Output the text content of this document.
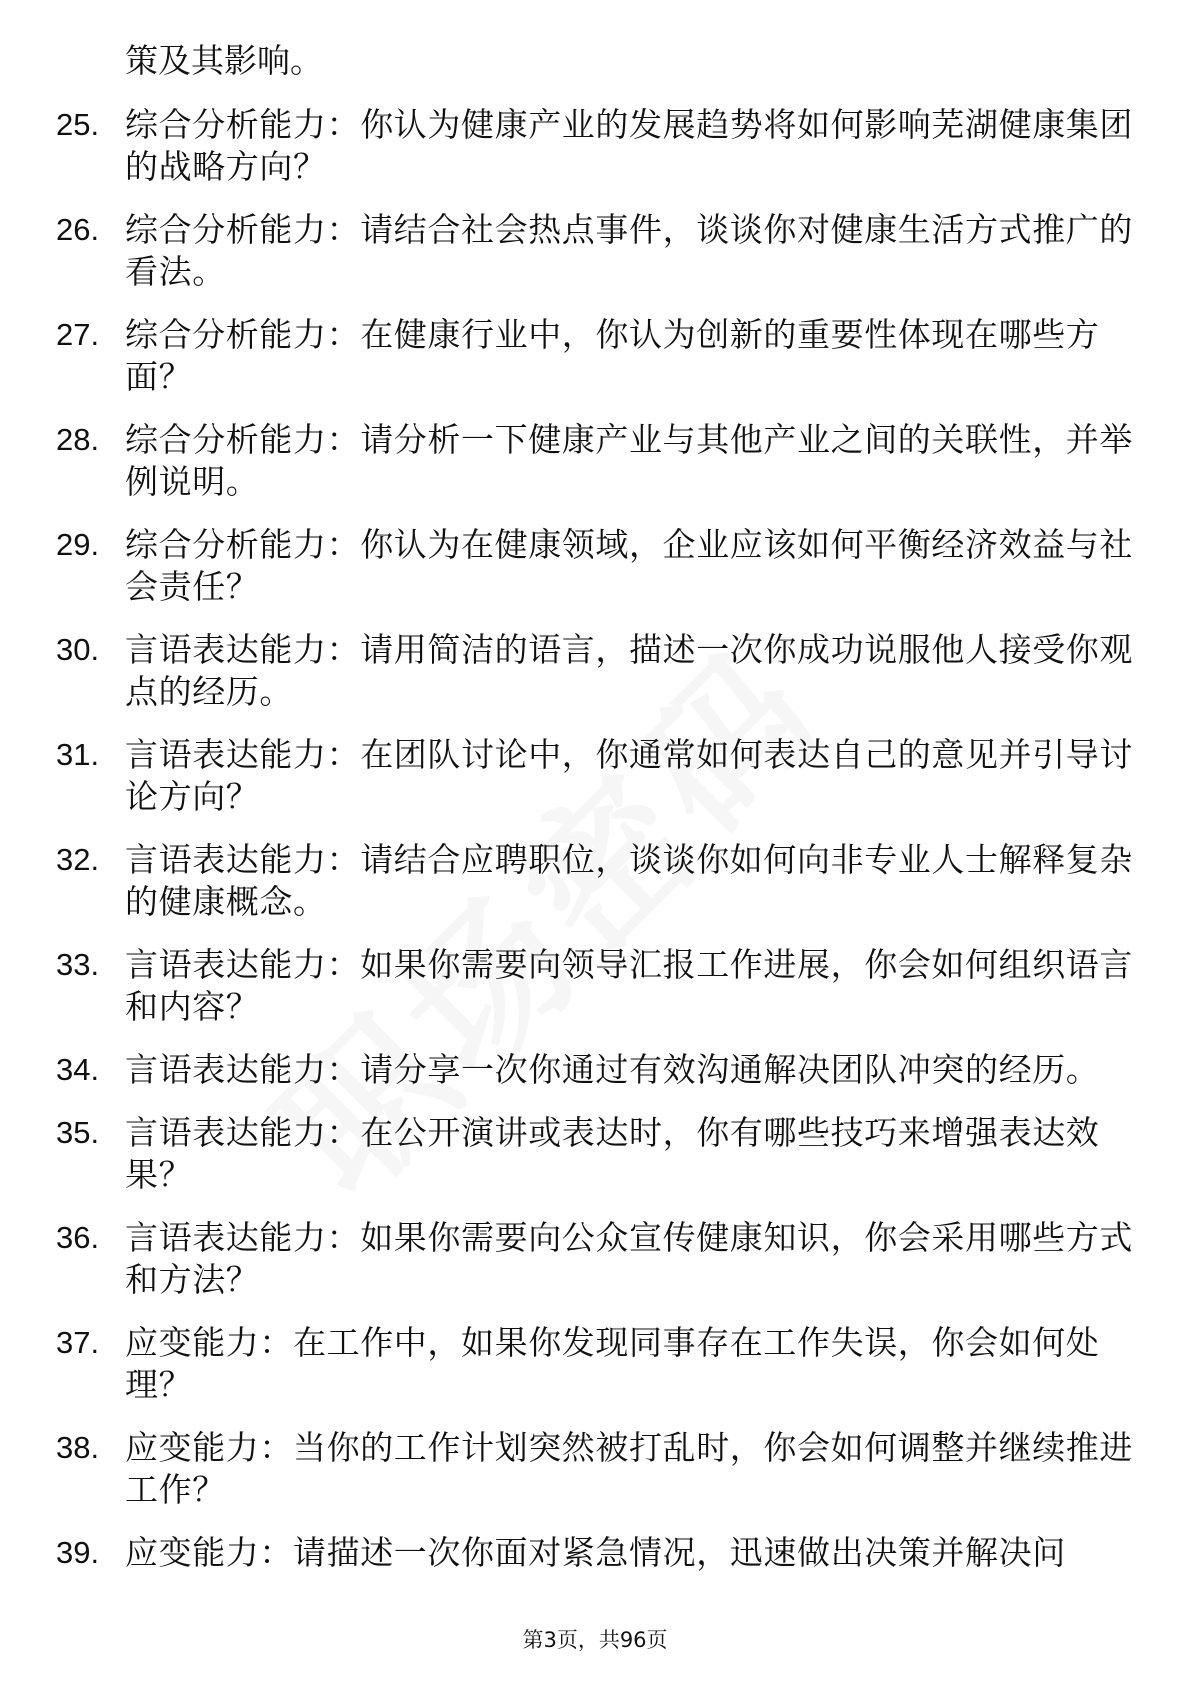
策及其影响。
25. 综合分析能力：你认为健康产业的发展趋势将如何影响芜湖健康集团的战略方向？
26. 综合分析能力：请结合社会热点事件，谈谈你对健康生活方式推广的看法。
27. 综合分析能力：在健康行业中，你认为创新的重要性体现在哪些方面？
28. 综合分析能力：请分析一下健康产业与其他产业之间的关联性，并举例说明。
29. 综合分析能力：你认为在健康领域，企业应该如何平衡经济效益与社会责任？
30. 言语表达能力：请用简洁的语言，描述一次你成功说服他人接受你观点的经历。
31. 言语表达能力：在团队讨论中，你通常如何表达自己的意见并引导讨论方向？
32. 言语表达能力：请结合应聘职位，谈谈你如何向非专业人士解释复杂的健康概念。
33. 言语表达能力：如果你需要向领导汇报工作进展，你会如何组织语言和内容？
34. 言语表达能力：请分享一次你通过有效沟通解决团队冲突的经历。
35. 言语表达能力：在公开演讲或表达时，你有哪些技巧来增强表达效果？
36. 言语表达能力：如果你需要向公众宣传健康知识，你会采用哪些方式和方法？
37. 应变能力：在工作中，如果你发现同事存在工作失误，你会如何处理？
38. 应变能力：当你的工作计划突然被打乱时，你会如何调整并继续推进工作？
39. 应变能力：请描述一次你面对紧急情况，迅速做出决策并解决问
第3页，共96页
